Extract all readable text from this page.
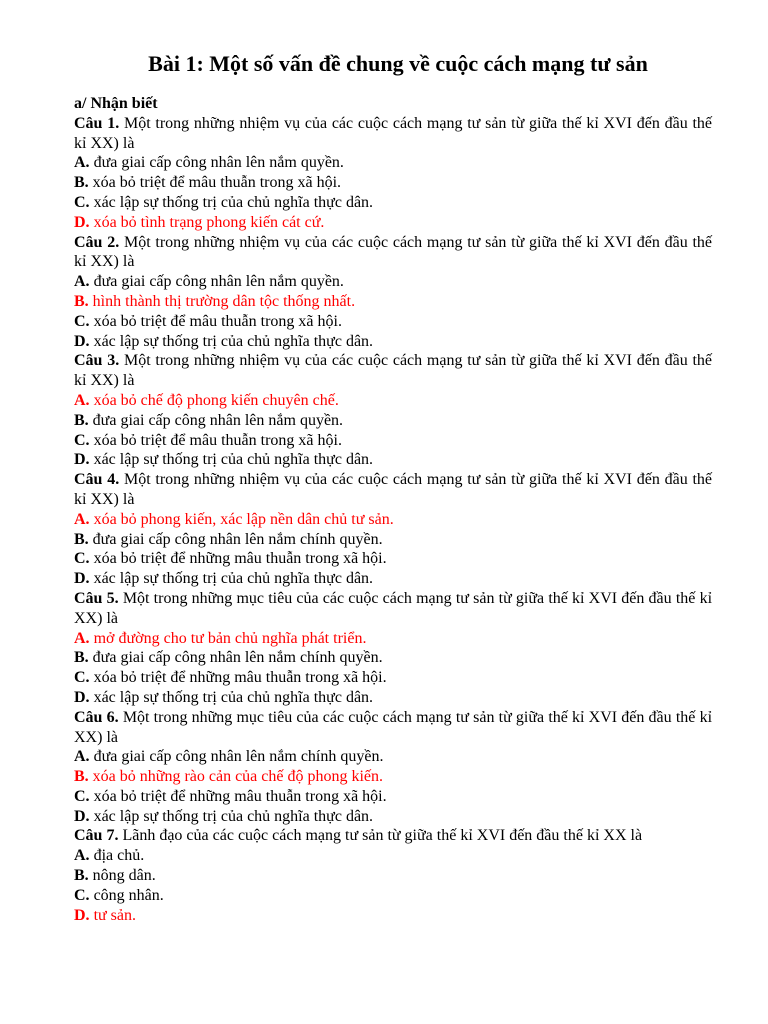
Bài 1: Một số vấn đề chung về cuộc cách mạng tư sản

a/ Nhận biết

Câu 1. Một trong những nhiệm vụ của các cuộc cách mạng tư sản từ giữa thế kỉ XVI đến đầu thế kỉ XX) là

A. đưa giai cấp công nhân lên nắm quyền.

B. xóa bỏ triệt để mâu thuẫn trong xã hội.

C. xác lập sự thống trị của chủ nghĩa thực dân.

D. xóa bỏ tình trạng phong kiến cát cứ.

Câu 2. Một trong những nhiệm vụ của các cuộc cách mạng tư sản từ giữa thế kỉ XVI đến đầu thế kỉ XX) là

A. đưa giai cấp công nhân lên nắm quyền.

B. hình thành thị trường dân tộc thống nhất.

C. xóa bỏ triệt để mâu thuẫn trong xã hội.

D. xác lập sự thống trị của chủ nghĩa thực dân.

Câu 3. Một trong những nhiệm vụ của các cuộc cách mạng tư sản từ giữa thế kỉ XVI đến đầu thế kỉ XX) là

A. xóa bỏ chế độ phong kiến chuyên chế.

B. đưa giai cấp công nhân lên nắm quyền.

C. xóa bỏ triệt để mâu thuẫn trong xã hội.

D. xác lập sự thống trị của chủ nghĩa thực dân.

Câu 4. Một trong những nhiệm vụ của các cuộc cách mạng tư sản từ giữa thế kỉ XVI đến đầu thế kỉ XX) là

A. xóa bỏ phong kiến, xác lập nền dân chủ tư sản.

B. đưa giai cấp công nhân lên nắm chính quyền.

C. xóa bỏ triệt để những mâu thuẫn trong xã hội.

D. xác lập sự thống trị của chủ nghĩa thực dân.

Câu 5. Một trong những mục tiêu của các cuộc cách mạng tư sản từ giữa thế kỉ XVI đến đầu thế kỉ XX) là

A. mở đường cho tư bản chủ nghĩa phát triển.

B. đưa giai cấp công nhân lên nắm chính quyền.

C. xóa bỏ triệt để những mâu thuẫn trong xã hội.

D. xác lập sự thống trị của chủ nghĩa thực dân.

Câu 6. Một trong những mục tiêu của các cuộc cách mạng tư sản từ giữa thế kỉ XVI đến đầu thế kỉ XX) là

A. đưa giai cấp công nhân lên nắm chính quyền.

B. xóa bỏ những rào cản của chế độ phong kiến.

C. xóa bỏ triệt để những mâu thuẫn trong xã hội.

D. xác lập sự thống trị của chủ nghĩa thực dân.

Câu 7. Lãnh đạo của các cuộc cách mạng tư sản từ giữa thế kỉ XVI đến đầu thế kỉ XX là

A. địa chủ.

B. nông dân.

C. công nhân.

D. tư sản.
